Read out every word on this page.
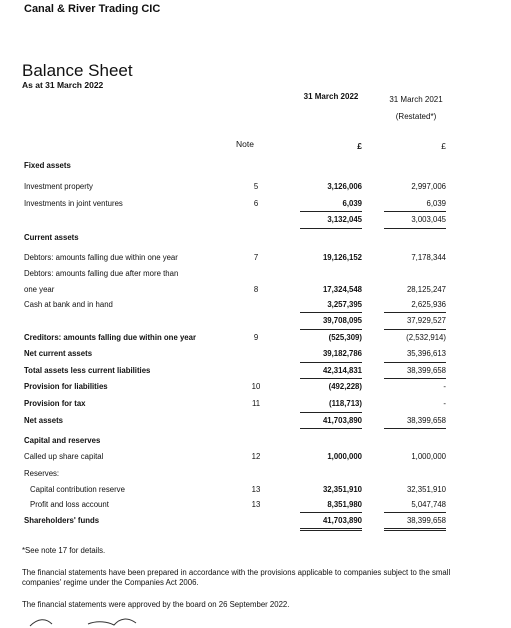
Canal & River Trading CIC
Balance Sheet
As at 31 March 2022
31 March 2022	31 March 2021
(Restated*)
Note	£	£
Fixed assets
Investment property	5	3,126,006	2,997,006
Investments in joint ventures	6	6,039	6,039
3,132,045	3,003,045
Current assets
Debtors: amounts falling due within one year	7	19,126,152	7,178,344
Debtors: amounts falling due after more than
one year	8	17,324,548	28,125,247
Cash at bank and in hand	3,257,395	2,625,936
39,708,095	37,929,527
Creditors: amounts falling due within one year	9	(525,309)	(2,532,914)
Net current assets	39,182,786	35,396,613
Total assets less current liabilities	42,314,831	38,399,658
Provision for liabilities	10	(492,228)	-
Provision for tax	11	(118,713)	-
Net assets	41,703,890	38,399,658
Capital and reserves
Called up share capital	12	1,000,000	1,000,000
Reserves:
Capital contribution reserve	13	32,351,910	32,351,910
Profit and loss account	13	8,351,980	5,047,748
Shareholders' funds	41,703,890	38,399,658
*See note 17 for details.
The financial statements have been prepared in accordance with the provisions applicable to companies subject to the small companies' regime under the Companies Act 2006.
The financial statements were approved by the board on 26 September 2022.
